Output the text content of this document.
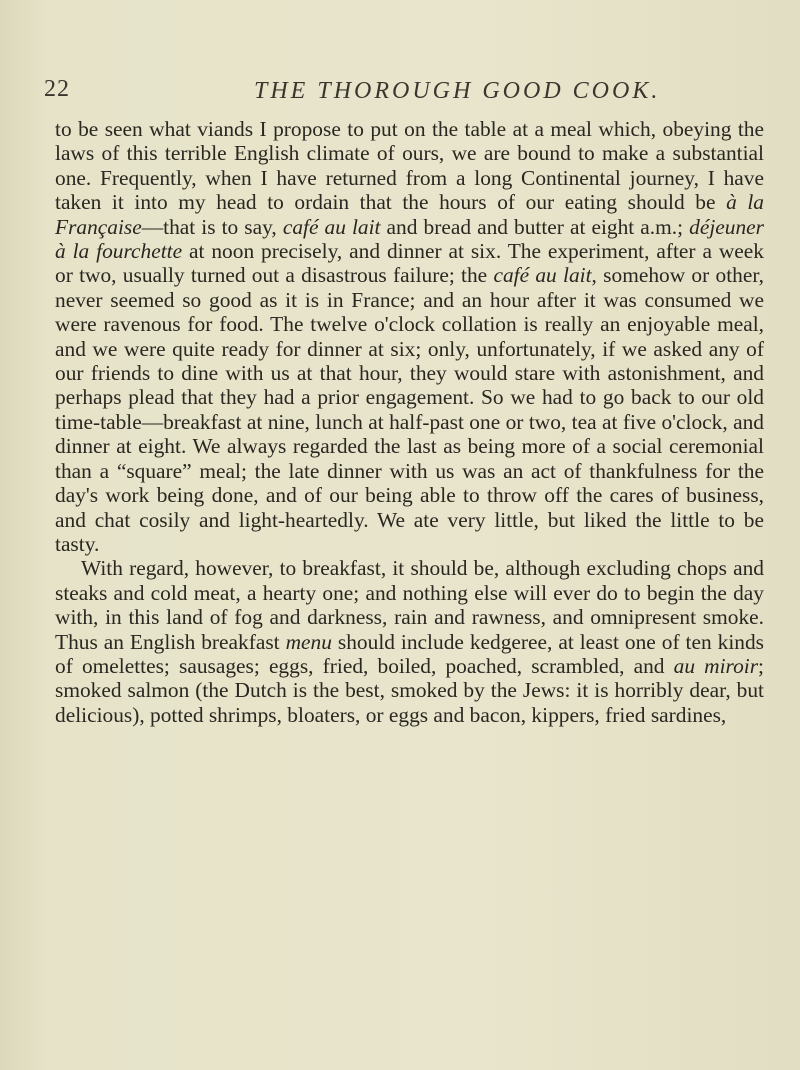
22	THE THOROUGH GOOD COOK.

to be seen what viands I propose to put on the table at a meal which, obeying the laws of this terrible English climate of ours, we are bound to make a substantial one. Frequently, when I have returned from a long Continental journey, I have taken it into my head to ordain that the hours of our eating should be à la Française—that is to say, café au lait and bread and butter at eight a.m.; déjeuner à la fourchette at noon precisely, and dinner at six. The experiment, after a week or two, usually turned out a disastrous failure; the café au lait, somehow or other, never seemed so good as it is in France; and an hour after it was consumed we were ravenous for food. The twelve o'clock collation is really an enjoyable meal, and we were quite ready for dinner at six; only, unfortunately, if we asked any of our friends to dine with us at that hour, they would stare with astonishment, and perhaps plead that they had a prior engagement. So we had to go back to our old time-table—breakfast at nine, lunch at half-past one or two, tea at five o'clock, and dinner at eight. We always regarded the last as being more of a social ceremonial than a “square” meal; the late dinner with us was an act of thankfulness for the day's work being done, and of our being able to throw off the cares of business, and chat cosily and light-heartedly. We ate very little, but liked the little to be tasty.

With regard, however, to breakfast, it should be, although excluding chops and steaks and cold meat, a hearty one; and nothing else will ever do to begin the day with, in this land of fog and darkness, rain and rawness, and omnipresent smoke. Thus an English breakfast menu should include kedgeree, at least one of ten kinds of omelettes; sausages; eggs, fried, boiled, poached, scrambled, and au miroir; smoked salmon (the Dutch is the best, smoked by the Jews: it is horribly dear, but delicious), potted shrimps, bloaters, or eggs and bacon, kippers, fried sardines,
